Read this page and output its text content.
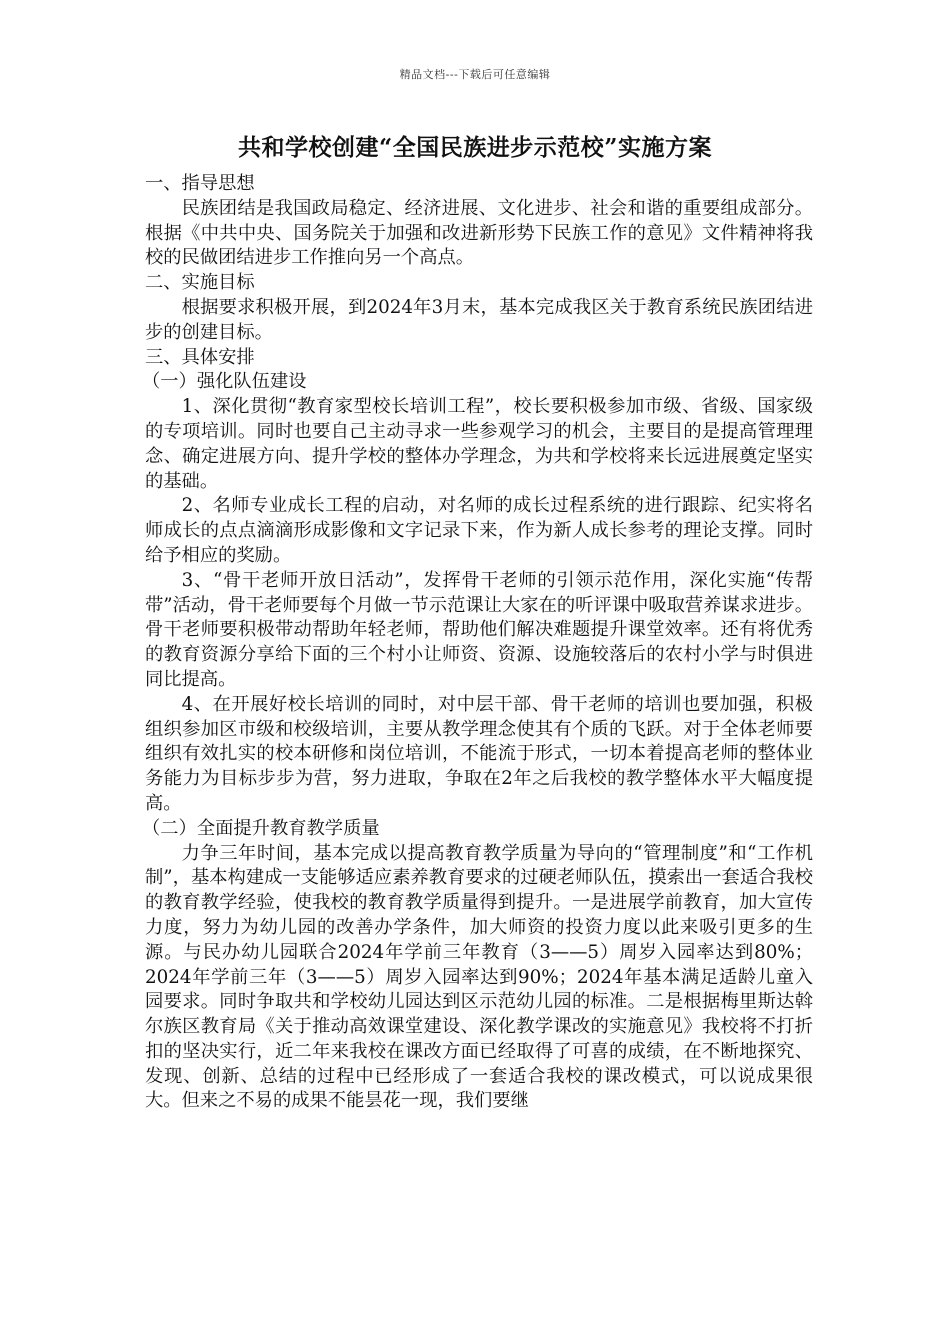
精品文档---下载后可任意编辑
共和学校创建“全国民族进步示范校”实施方案

一、指导思想

民族团结是我国政局稳定、经济进展、文化进步、社会和谐的重要组成部分。根据《中共中央、国务院关于加强和改进新形势下民族工作的意见》文件精神将我校的民做团结进步工作推向另一个高点。

二、实施目标

根据要求积极开展，到2024年3月末，基本完成我区关于教育系统民族团结进步的创建目标。

三、具体安排

（一）强化队伍建设

1、深化贯彻“教育家型校长培训工程”，校长要积极参加市级、省级、国家级的专项培训。同时也要自己主动寻求一些参观学习的机会，主要目的是提高管理理念、确定进展方向、提升学校的整体办学理念，为共和学校将来长远进展奠定坚实的基础。

2、名师专业成长工程的启动，对名师的成长过程系统的进行跟踪、纪实将名师成长的点点滴滴形成影像和文字记录下来，作为新人成长参考的理论支撑。同时给予相应的奖励。

3、“骨干老师开放日活动”，发挥骨干老师的引领示范作用，深化实施“传帮带”活动，骨干老师要每个月做一节示范课让大家在的听评课中吸取营养谋求进步。骨干老师要积极带动帮助年轻老师，帮助他们解决难题提升课堂效率。还有将优秀的教育资源分享给下面的三个村小让师资、资源、设施较落后的农村小学与时俱进同比提高。

4、在开展好校长培训的同时，对中层干部、骨干老师的培训也要加强，积极组织参加区市级和校级培训，主要从教学理念使其有个质的飞跃。对于全体老师要组织有效扎实的校本研修和岗位培训，不能流于形式，一切本着提高老师的整体业务能力为目标步步为营，努力进取，争取在2年之后我校的教学整体水平大幅度提高。

（二）全面提升教育教学质量

力争三年时间，基本完成以提高教育教学质量为导向的“管理制度”和“工作机制”，基本构建成一支能够适应素养教育要求的过硬老师队伍，摸索出一套适合我校的教育教学经验，使我校的教育教学质量得到提升。一是进展学前教育，加大宣传力度，努力为幼儿园的改善办学条件，加大师资的投资力度以此来吸引更多的生源。与民办幼儿园联合2024年学前三年教育（3——5）周岁入园率达到80%；2024年学前三年（3——5）周岁入园率达到90%；2024年基本满足适龄儿童入园要求。同时争取共和学校幼儿园达到区示范幼儿园的标准。二是根据梅里斯达斡尔族区教育局《关于推动高效课堂建设、深化教学课改的实施意见》我校将不打折扣的坚决实行，近二年来我校在课改方面已经取得了可喜的成绩，在不断地探究、发现、创新、总结的过程中已经形成了一套适合我校的课改模式，可以说成果很大。但来之不易的成果不能昙花一现，我们要继
